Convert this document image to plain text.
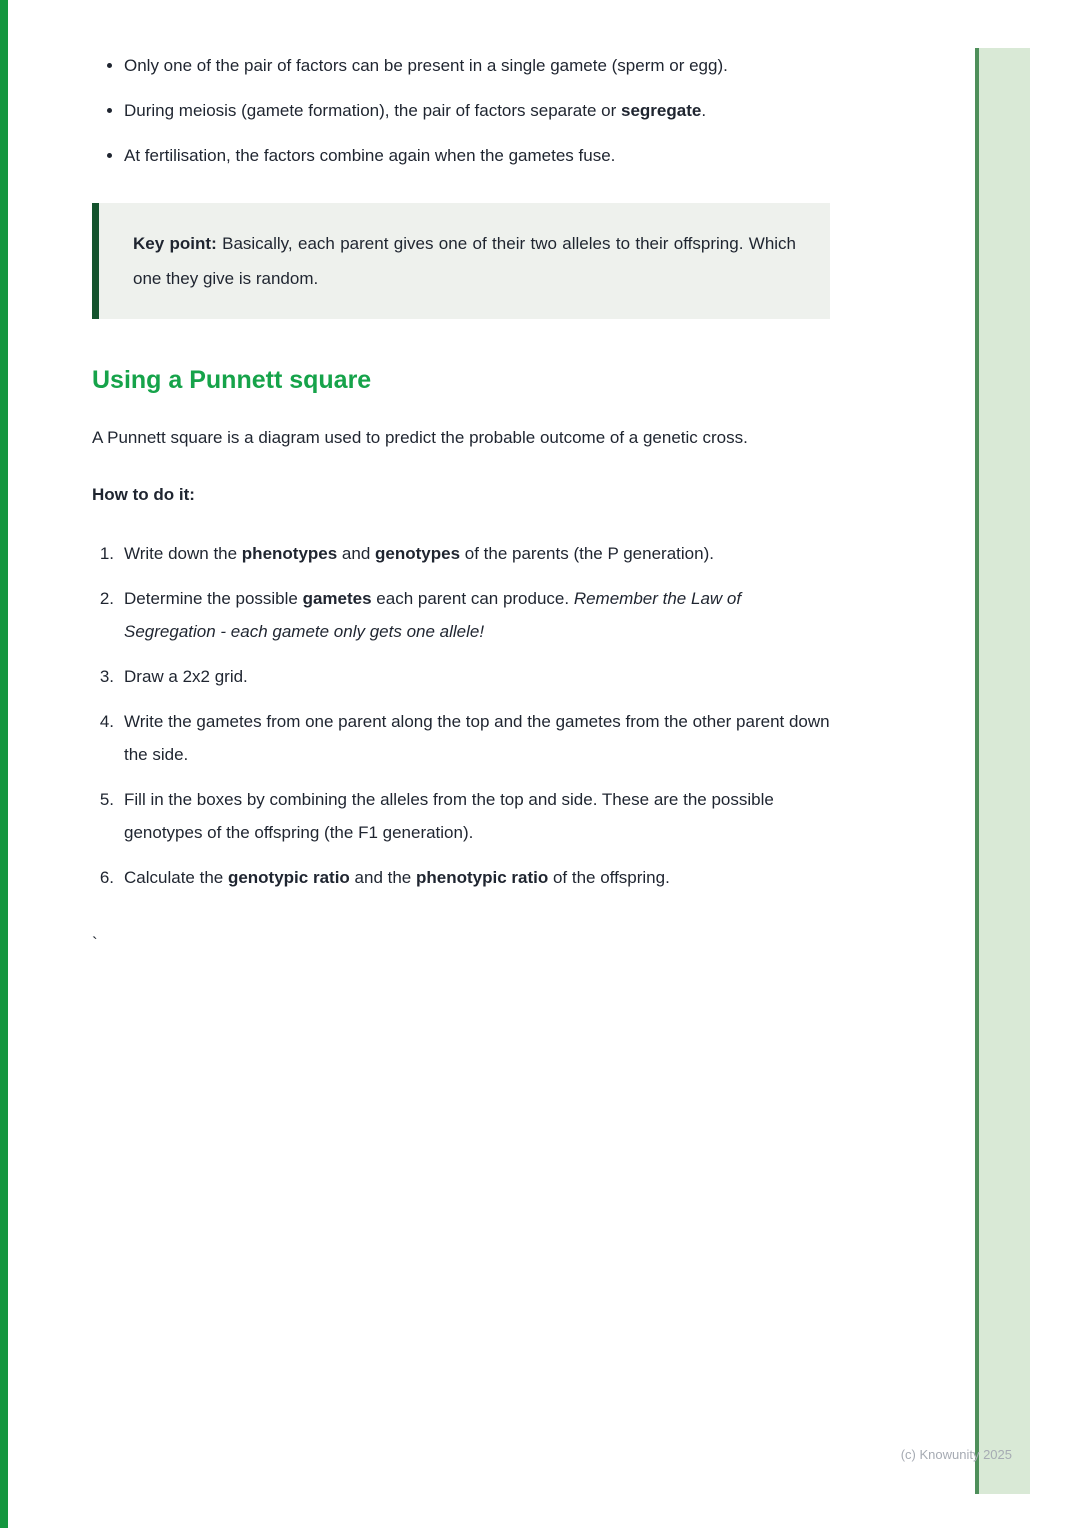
• Only one of the pair of factors can be present in a single gamete (sperm or egg).
• During meiosis (gamete formation), the pair of factors separate or segregate.
• At fertilisation, the factors combine again when the gametes fuse.
Key point: Basically, each parent gives one of their two alleles to their offspring. Which one they give is random.
Using a Punnett square

A Punnett square is a diagram used to predict the probable outcome of a genetic cross.

How to do it:

1. Write down the phenotypes and genotypes of the parents (the P generation).
2. Determine the possible gametes each parent can produce. Remember the Law of Segregation - each gamete only gets one allele!
3. Draw a 2x2 grid.
4. Write the gametes from one parent along the top and the gametes from the other parent down the side.
5. Fill in the boxes by combining the alleles from the top and side. These are the possible genotypes of the offspring (the F1 generation).
6. Calculate the genotypic ratio and the phenotypic ratio of the offspring.
`
(c) Knowunity 2025
